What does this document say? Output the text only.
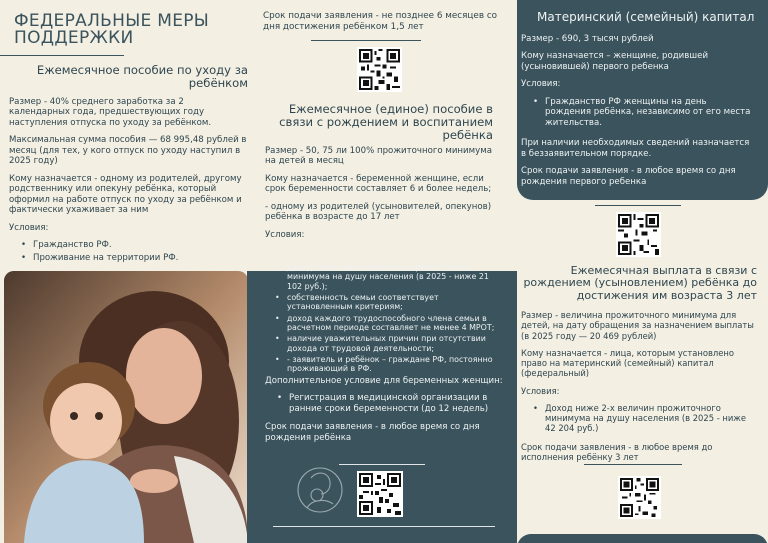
ФЕДЕРАЛЬНЫЕ МЕРЫ ПОДДЕРЖКИ
Ежемесячное пособие по уходу за ребёнком

Размер - 40% среднего заработка за 2 календарных года, предшествующих году наступления отпуска по уходу за ребёнком.

Максимальная сумма пособия — 68 995,48 рублей в месяц (для тех, у кого отпуск по уходу наступил в 2025 году)

Кому назначается - одному из родителей, другому родственнику или опекуну ребёнка, который оформил на работе отпуск по уходу за ребёнком и фактически ухаживает за ним

Условия:

• Гражданство РФ.
• Проживание на территории РФ.
Срок подачи заявления - не позднее 6 месяцев со дня достижения ребёнком 1,5 лет
Ежемесячное (единое) пособие в связи с рождением и воспитанием ребёнка

Размер - 50, 75 ли 100% прожиточного минимума на детей в месяц

Кому назначается - беременной женщине, если срок беременности составляет 6 и более недель;

- одному из родителей (усыновителей, опекунов) ребёнка в возрасте до 17 лет

Условия:

• доход семьи ниже величины прожиточного минимума на душу населения (в 2025 - ниже 21 102 руб.);
• собственность семьи соответствует установленным критериям;
• доход каждого трудоспособного члена семьи в расчетном периоде составляет не менее 4 МРОТ;
• наличие уважительных причин при отсутствии дохода от трудовой деятельности;
• - заявитель и ребёнок – граждане РФ, постоянно проживающий в РФ.

Дополнительное условие для беременных женщин:

• Регистрация в медицинской организации в ранние сроки беременности (до 12 недель)

Срок подачи заявления - в любое время со дня рождения ребёнка

Материнский (семейный) капитал

Размер - 690, 3 тысяч рублей

Кому назначается – женщине, родившей (усыновившей) первого ребенка

Условия:

• Гражданство РФ женщины на день рождения ребёнка, независимо от его места жительства.

При наличии необходимых сведений назначается в беззаявительном порядке.

Срок подачи заявления - в любое время со дня рождения первого ребенка

Ежемесячная выплата в связи с рождением (усыновлением) ребёнка до достижения им возраста 3 лет

Размер - величина прожиточного минимума для детей, на дату обращения за назначением выплаты (в 2025 году — 20 469 рублей)

Кому назначается - лица, которым установлено право на материнский (семейный) капитал (федеральный)

Условия:

• Доход ниже 2-х величин прожиточного минимума на душу населения (в 2025 - ниже 42 204 руб.)

Срок подачи заявления - в любое время до исполнения ребёнку 3 лет
